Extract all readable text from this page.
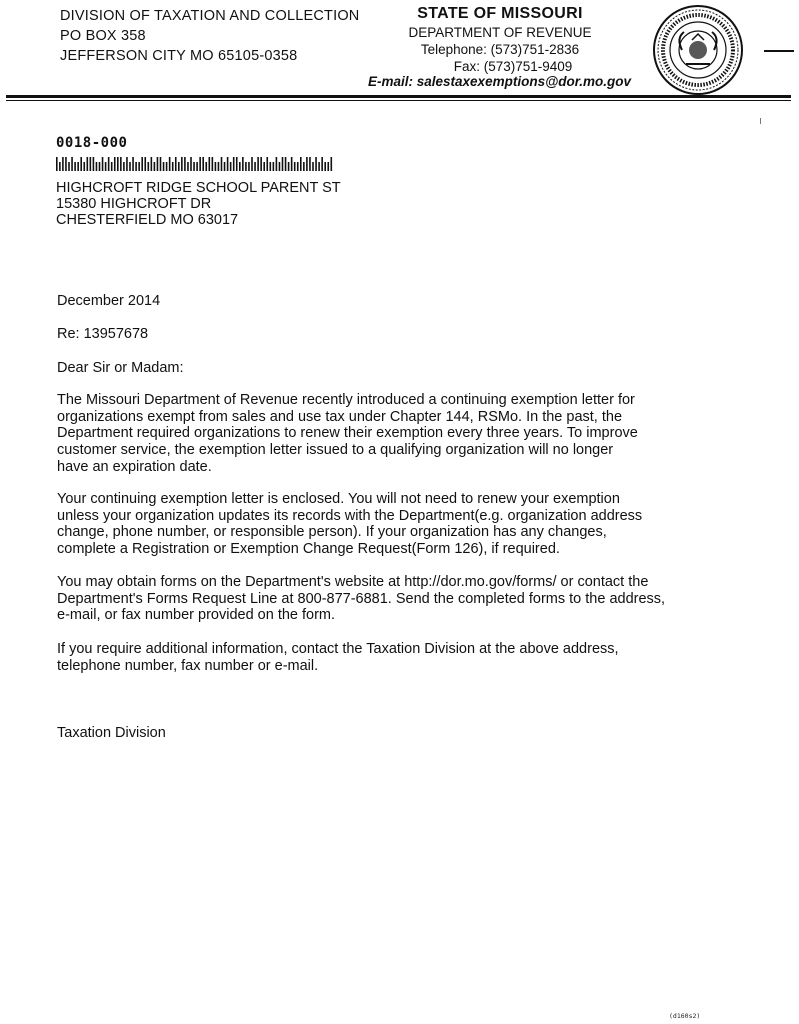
DIVISION OF TAXATION AND COLLECTION
PO BOX 358
JEFFERSON CITY MO 65105-0358
STATE OF MISSOURI
DEPARTMENT OF REVENUE
Telephone: (573)751-2836
Fax: (573)751-9409
E-mail: salestaxexemptions@dor.mo.gov
0018-000
HIGHCROFT RIDGE SCHOOL PARENT ST
15380 HIGHCROFT DR
CHESTERFIELD MO 63017
December 2014
Re: 13957678
Dear Sir or Madam:
The Missouri Department of Revenue recently introduced a continuing exemption letter for
organizations exempt from sales and use tax under Chapter 144, RSMo. In the past, the
Department required organizations to renew their exemption every three years. To improve
customer service, the exemption letter issued to a qualifying organization will no longer
have an expiration date.
Your continuing exemption letter is enclosed. You will not need to renew your exemption
unless your organization updates its records with the Department(e.g. organization address
change, phone number, or responsible person). If your organization has any changes,
complete a Registration or Exemption Change Request(Form 126), if required.
You may obtain forms on the Department's website at http://dor.mo.gov/forms/ or contact the
Department's Forms Request Line at 800-877-6881. Send the completed forms to the address,
e-mail, or fax number provided on the form.
If you require additional information, contact the Taxation Division at the above address,
telephone number, fax number or e-mail.
Taxation Division
(d160s2)
